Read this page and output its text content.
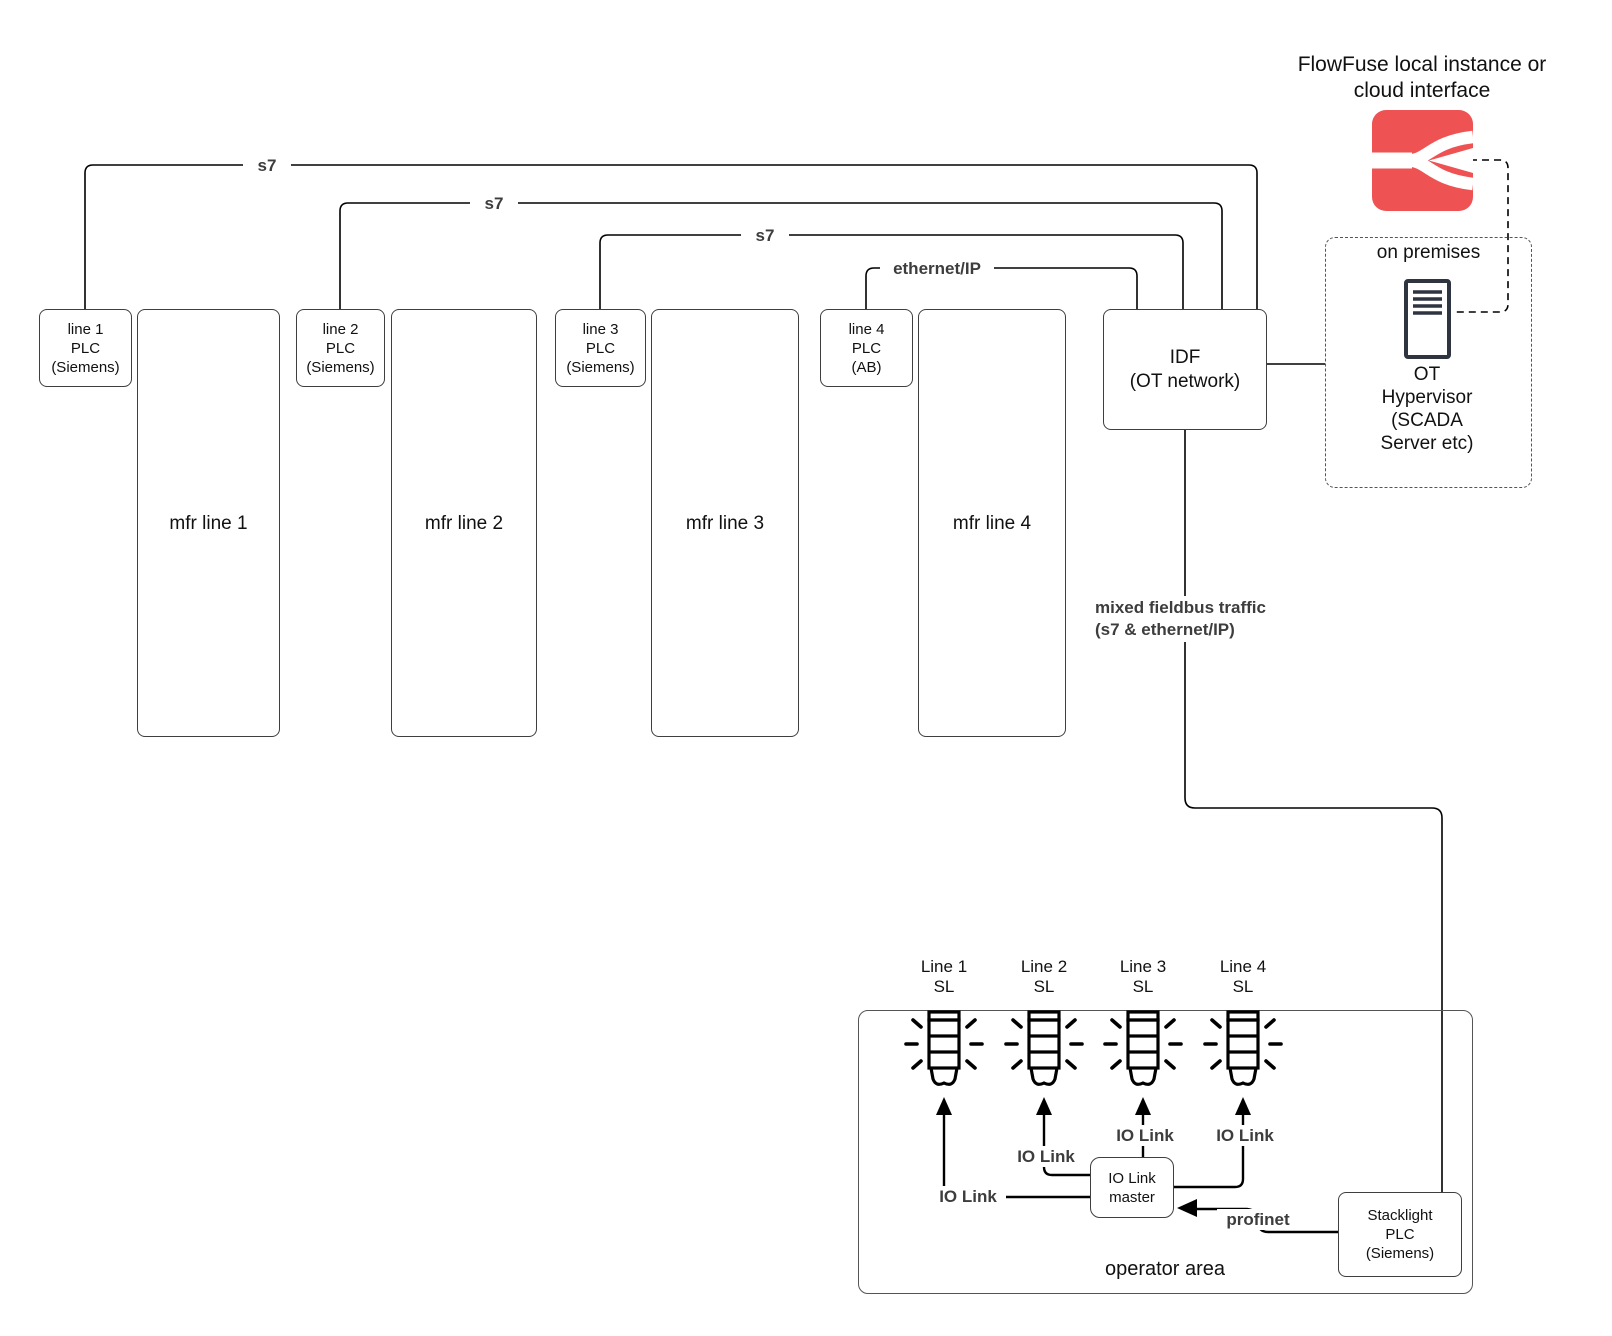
FlowFuse local instance or
cloud interface
on premises
OT
Hypervisor
(SCADA
Server etc)
line 1
PLC
(Siemens)
line 2
PLC
(Siemens)
line 3
PLC
(Siemens)
line 4
PLC
(AB)
mfr line 1	mfr line 2	mfr line 3	mfr line 4
IDF
(OT network)
s7
s7
s7
ethernet/IP
mixed fieldbus traffic
(s7 & ethernet/IP)
profinet
operator area
Line 1
SL
Line 2
SL
Line 3
SL
Line 4
SL
IO Link
IO Link
IO Link	IO Link
IO Link
master
Stacklight
PLC
(Siemens)
